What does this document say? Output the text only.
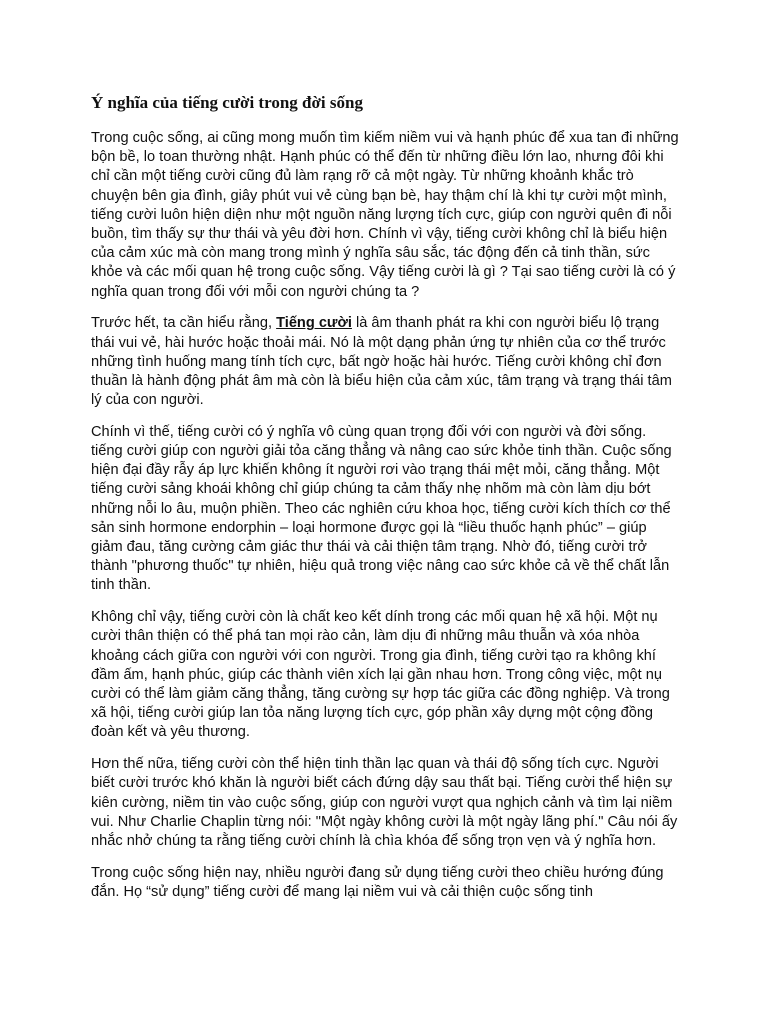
Ý nghĩa của tiếng cười trong đời sống

Trong cuộc sống, ai cũng mong muốn tìm kiếm niềm vui và hạnh phúc để xua tan đi những bộn bề, lo toan thường nhật. Hạnh phúc có thể đến từ những điều lớn lao, nhưng đôi khi chỉ cần một tiếng cười cũng đủ làm rạng rỡ cả một ngày. Từ những khoảnh khắc trò chuyện bên gia đình, giây phút vui vẻ cùng bạn bè, hay thậm chí là khi tự cười một mình, tiếng cười luôn hiện diện như một nguồn năng lượng tích cực, giúp con người quên đi nỗi buồn, tìm thấy sự thư thái và yêu đời hơn. Chính vì vậy, tiếng cười không chỉ là biểu hiện của cảm xúc mà còn mang trong mình ý nghĩa sâu sắc, tác động đến cả tinh thần, sức khỏe và các mối quan hệ trong cuộc sống. Vậy tiếng cười là gì ? Tại sao tiếng cười là có ý nghĩa quan trong đối với mỗi con người chúng ta ?

Trước hết, ta cần hiểu rằng, Tiếng cười là âm thanh phát ra khi con người biểu lộ trạng thái vui vẻ, hài hước hoặc thoải mái. Nó là một dạng phản ứng tự nhiên của cơ thể trước những tình huống mang tính tích cực, bất ngờ hoặc hài hước. Tiếng cười không chỉ đơn thuần là hành động phát âm mà còn là biểu hiện của cảm xúc, tâm trạng và trạng thái tâm lý của con người.

Chính vì thế, tiếng cười có ý nghĩa vô cùng quan trọng đối với con người và đời sống. tiếng cười giúp con người giải tỏa căng thẳng và nâng cao sức khỏe tinh thần. Cuộc sống hiện đại đầy rẫy áp lực khiến không ít người rơi vào trạng thái mệt mỏi, căng thẳng. Một tiếng cười sảng khoái không chỉ giúp chúng ta cảm thấy nhẹ nhõm mà còn làm dịu bớt những nỗi lo âu, muộn phiền. Theo các nghiên cứu khoa học, tiếng cười kích thích cơ thể sản sinh hormone endorphin – loại hormone được gọi là “liều thuốc hạnh phúc” – giúp giảm đau, tăng cường cảm giác thư thái và cải thiện tâm trạng. Nhờ đó, tiếng cười trở thành "phương thuốc" tự nhiên, hiệu quả trong việc nâng cao sức khỏe cả về thể chất lẫn tinh thần.

Không chỉ vậy, tiếng cười còn là chất keo kết dính trong các mối quan hệ xã hội. Một nụ cười thân thiện có thể phá tan mọi rào cản, làm dịu đi những mâu thuẫn và xóa nhòa khoảng cách giữa con người với con người. Trong gia đình, tiếng cười tạo ra không khí đầm ấm, hạnh phúc, giúp các thành viên xích lại gần nhau hơn. Trong công việc, một nụ cười có thể làm giảm căng thẳng, tăng cường sự hợp tác giữa các đồng nghiệp. Và trong xã hội, tiếng cười giúp lan tỏa năng lượng tích cực, góp phần xây dựng một cộng đồng đoàn kết và yêu thương.

Hơn thế nữa, tiếng cười còn thể hiện tinh thần lạc quan và thái độ sống tích cực. Người biết cười trước khó khăn là người biết cách đứng dậy sau thất bại. Tiếng cười thể hiện sự kiên cường, niềm tin vào cuộc sống, giúp con người vượt qua nghịch cảnh và tìm lại niềm vui. Như Charlie Chaplin từng nói: "Một ngày không cười là một ngày lãng phí." Câu nói ấy nhắc nhở chúng ta rằng tiếng cười chính là chìa khóa để sống trọn vẹn và ý nghĩa hơn.

Trong cuộc sống hiện nay, nhiều người đang sử dụng tiếng cười theo chiều hướng đúng đắn. Họ “sử dụng” tiếng cười để mang lại niềm vui và cải thiện cuộc sống tinh
